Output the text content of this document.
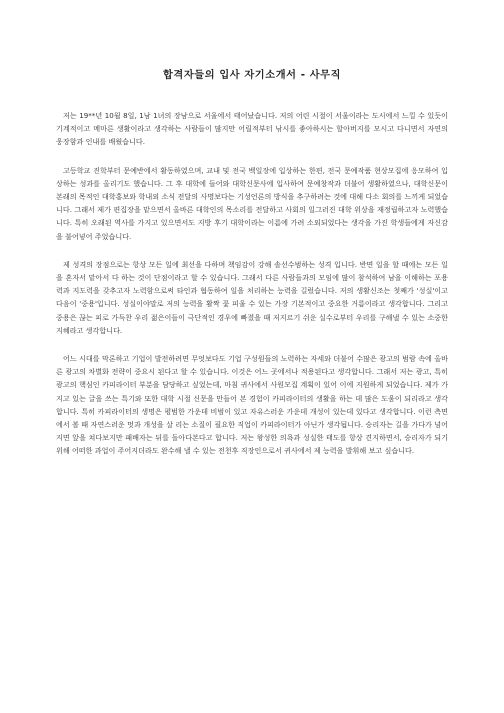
합격자들의 입사 자기소개서 - 사무직

저는 19**년 10월 8일, 1남 1녀의 장남으로 서울에서 태어났습니다. 저의 어린 시절이 서울이라는 도시에서 느낄 수 있듯이 기계적이고 메마른 생활이라고 생각하는 사람들이 많지만 어릴적부터 낚시를 좋아하시는 할아버지를 모시고 다니면서 자연의 웅장함과 인내를 배웠습니다.

고등학교 진학부터 문예반에서 활동하였으며, 교내 및 전국 백일장에 입상하는 한편, 전국 문예작품 현상모집에 응모하여 입상하는 성과를 올리기도 했습니다. 그 후 대학에 들어와 대학신문사에 입사하여 문예창작과 더불어 생활하였으나, 대학신문이 본래의 목적인 대학홍보와 학내외 소식 전달의 사명보다는 기성언론의 방식을 추구하려는 것에 대해 다소 회의를 느끼게 되었습니다. 그래서 제가 편집장을 맡으면서 올바른 대학인의 목소리를 전달하고 사회의 일그러진 대학 위상을 재정립하고자 노력했습니다. 특히 오래된 역사를 가지고 있으면서도 지방 후기 대학이라는 이름에 가려 소외되었다는 생각을 가진 학생들에게 자신감을 불어넣어 주었습니다.

제 성격의 장점으로는 항상 모든 일에 최선을 다하며 책임감이 강해 솔선수범하는 성격 입니다. 반면 일을 할 때에는 모든 일을 혼자서 맡아서 다 하는 것이 단점이라고 할 수 있습니다. 그래서 다른 사람들과의 모임에 많이 참석하여 남을 이해하는 포용력과 지도력을 갖추고자 노력함으로써 타인과 협동하여 일을 처리하는 능력을 길렀습니다. 저의 생활신조는 첫째가 '성실'이고 다음이 '중용'입니다. 성실이야말로 저의 능력을 활짝 꽃 피울 수 있는 가장 기본적이고 중요한 거름이라고 생각합니다. 그리고 중용은 끊는 피로 가득찬 우리 젊은이들이 극단적인 경우에 빠졌을 때 저지르기 쉬운 실수로부터 우리를 구해낼 수 있는 소중한 지혜라고 생각합니다.

어느 시대를 막론하고 기업이 발전하려면 무엇보다도 기업 구성원들의 노력하는 자세와 더불어 수많은 광고의 범람 속에 올바른 광고의 차별화 전략이 중요시 된다고 할 수 있습니다. 이것은 어느 곳에서나 적용된다고 생각합니다. 그래서 저는 광고, 특히 광고의 핵심인 카피라이터 부분을 담당하고 싶었는데, 마침 귀사에서 사원모집 계획이 있어 이에 지원하게 되었습니다. 제가 가지고 있는 글을 쓰는 특기와 또한 대학 시절 신문을 만들어 본 경험이 카피라이터의 생활을 하는 데 많은 도움이 되리라고 생각합니다. 특히 카피라이터의 생명은 평범한 가운데 비범이 있고 자유스러운 가운데 개성이 있는데 있다고 생각합니다. 이런 측면에서 볼 때 자연스러운 멋과 개성을 살 리는 소질이 필요한 직업이 카피라이터가 아닌가 생각됩니다. 승리자는 길을 가다가 넘어지면 앞을 쳐다보지만 패배자는 뒤를 돌아다본다고 합니다. 저는 왕성한 의욕과 성실한 태도를 항상 견지하면서, 승리자가 되기 위해 어떠한 과업이 주어지더라도 완수해 낼 수 있는 전천후 직장인으로서 귀사에서 제 능력을 발휘해 보고 싶습니다.
